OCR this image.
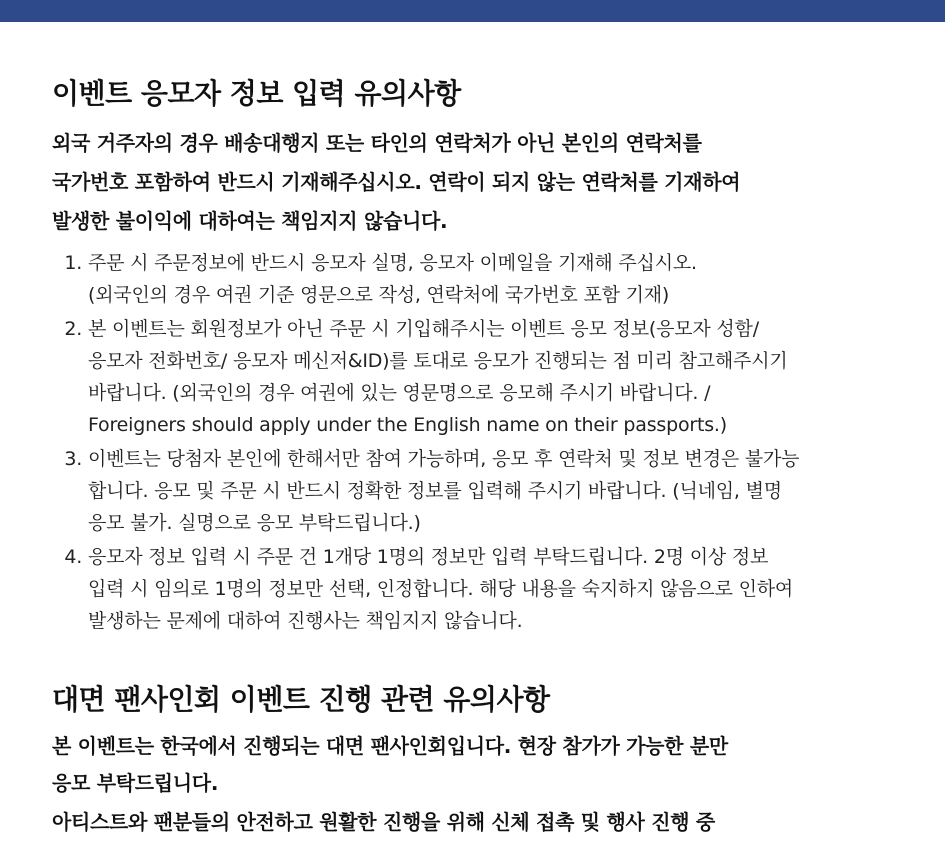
이벤트 응모자 정보 입력 유의사항

외국 거주자의 경우 배송대행지 또는 타인의 연락처가 아닌 본인의 연락처를
국가번호 포함하여 반드시 기재해주십시오. 연락이 되지 않는 연락처를 기재하여
발생한 불이익에 대하여는 책임지지 않습니다.

1. 주문 시 주문정보에 반드시 응모자 실명, 응모자 이메일을 기재해 주십시오.
(외국인의 경우 여권 기준 영문으로 작성, 연락처에 국가번호 포함 기재)
2. 본 이벤트는 회원정보가 아닌 주문 시 기입해주시는 이벤트 응모 정보(응모자 성함/
응모자 전화번호/ 응모자 메신저&ID)를 토대로 응모가 진행되는 점 미리 참고해주시기
바랍니다. (외국인의 경우 여권에 있는 영문명으로 응모해 주시기 바랍니다. /
Foreigners should apply under the English name on their passports.)
3. 이벤트는 당첨자 본인에 한해서만 참여 가능하며, 응모 후 연락처 및 정보 변경은 불가능
합니다. 응모 및 주문 시 반드시 정확한 정보를 입력해 주시기 바랍니다. (닉네임, 별명
응모 불가. 실명으로 응모 부탁드립니다.)
4. 응모자 정보 입력 시 주문 건 1개당 1명의 정보만 입력 부탁드립니다. 2명 이상 정보
입력 시 임의로 1명의 정보만 선택, 인정합니다. 해당 내용을 숙지하지 않음으로 인하여
발생하는 문제에 대하여 진행사는 책임지지 않습니다.
대면 팬사인회 이벤트 진행 관련 유의사항

본 이벤트는 한국에서 진행되는 대면 팬사인회입니다. 현장 참가가 가능한 분만
응모 부탁드립니다.

아티스트와 팬분들의 안전하고 원활한 진행을 위해 신체 접촉 및 행사 진행 중
